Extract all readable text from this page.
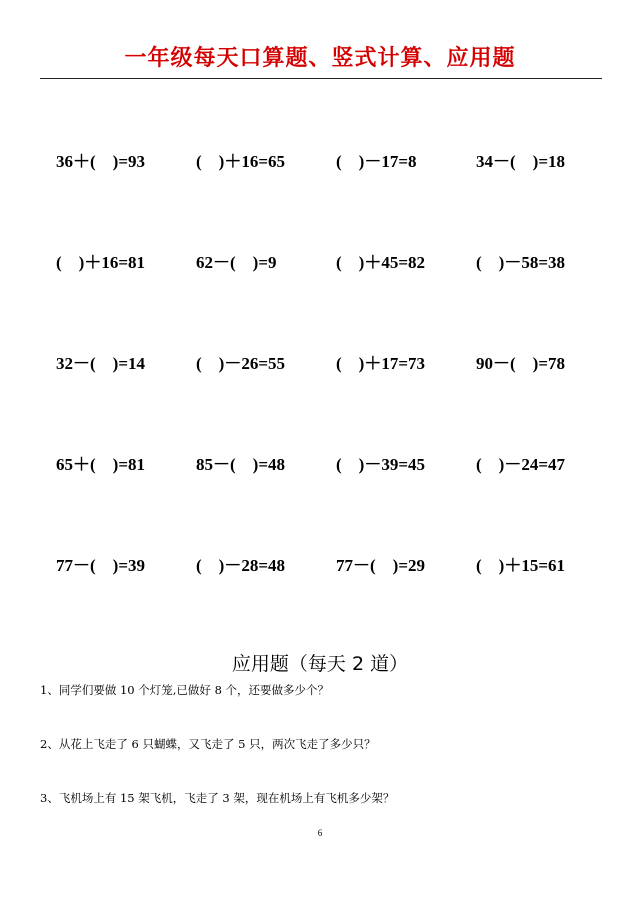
一年级每天口算题、竖式计算、应用题
36＋(    )=93	(    )＋16=65	(    )－17=8	34－(    )=18
(    )＋16=81	62－(    )=9	(    )＋45=82	(    )－58=38
32－(    )=14	(    )－26=55	(    )＋17=73	90－(    )=78
65＋(    )=81	85－(    )=48	(    )－39=45	(    )－24=47
77－(    )=39	(    )－28=48	77－(    )=29	(    )＋15=61
应用题（每天 2 道）
1、同学们要做 10 个灯笼,已做好 8 个，还要做多少个？
2、从花上飞走了 6 只蝴蝶，又飞走了 5 只，两次飞走了多少只？
3、飞机场上有 15 架飞机，飞走了 3 架，现在机场上有飞机多少架？
6
